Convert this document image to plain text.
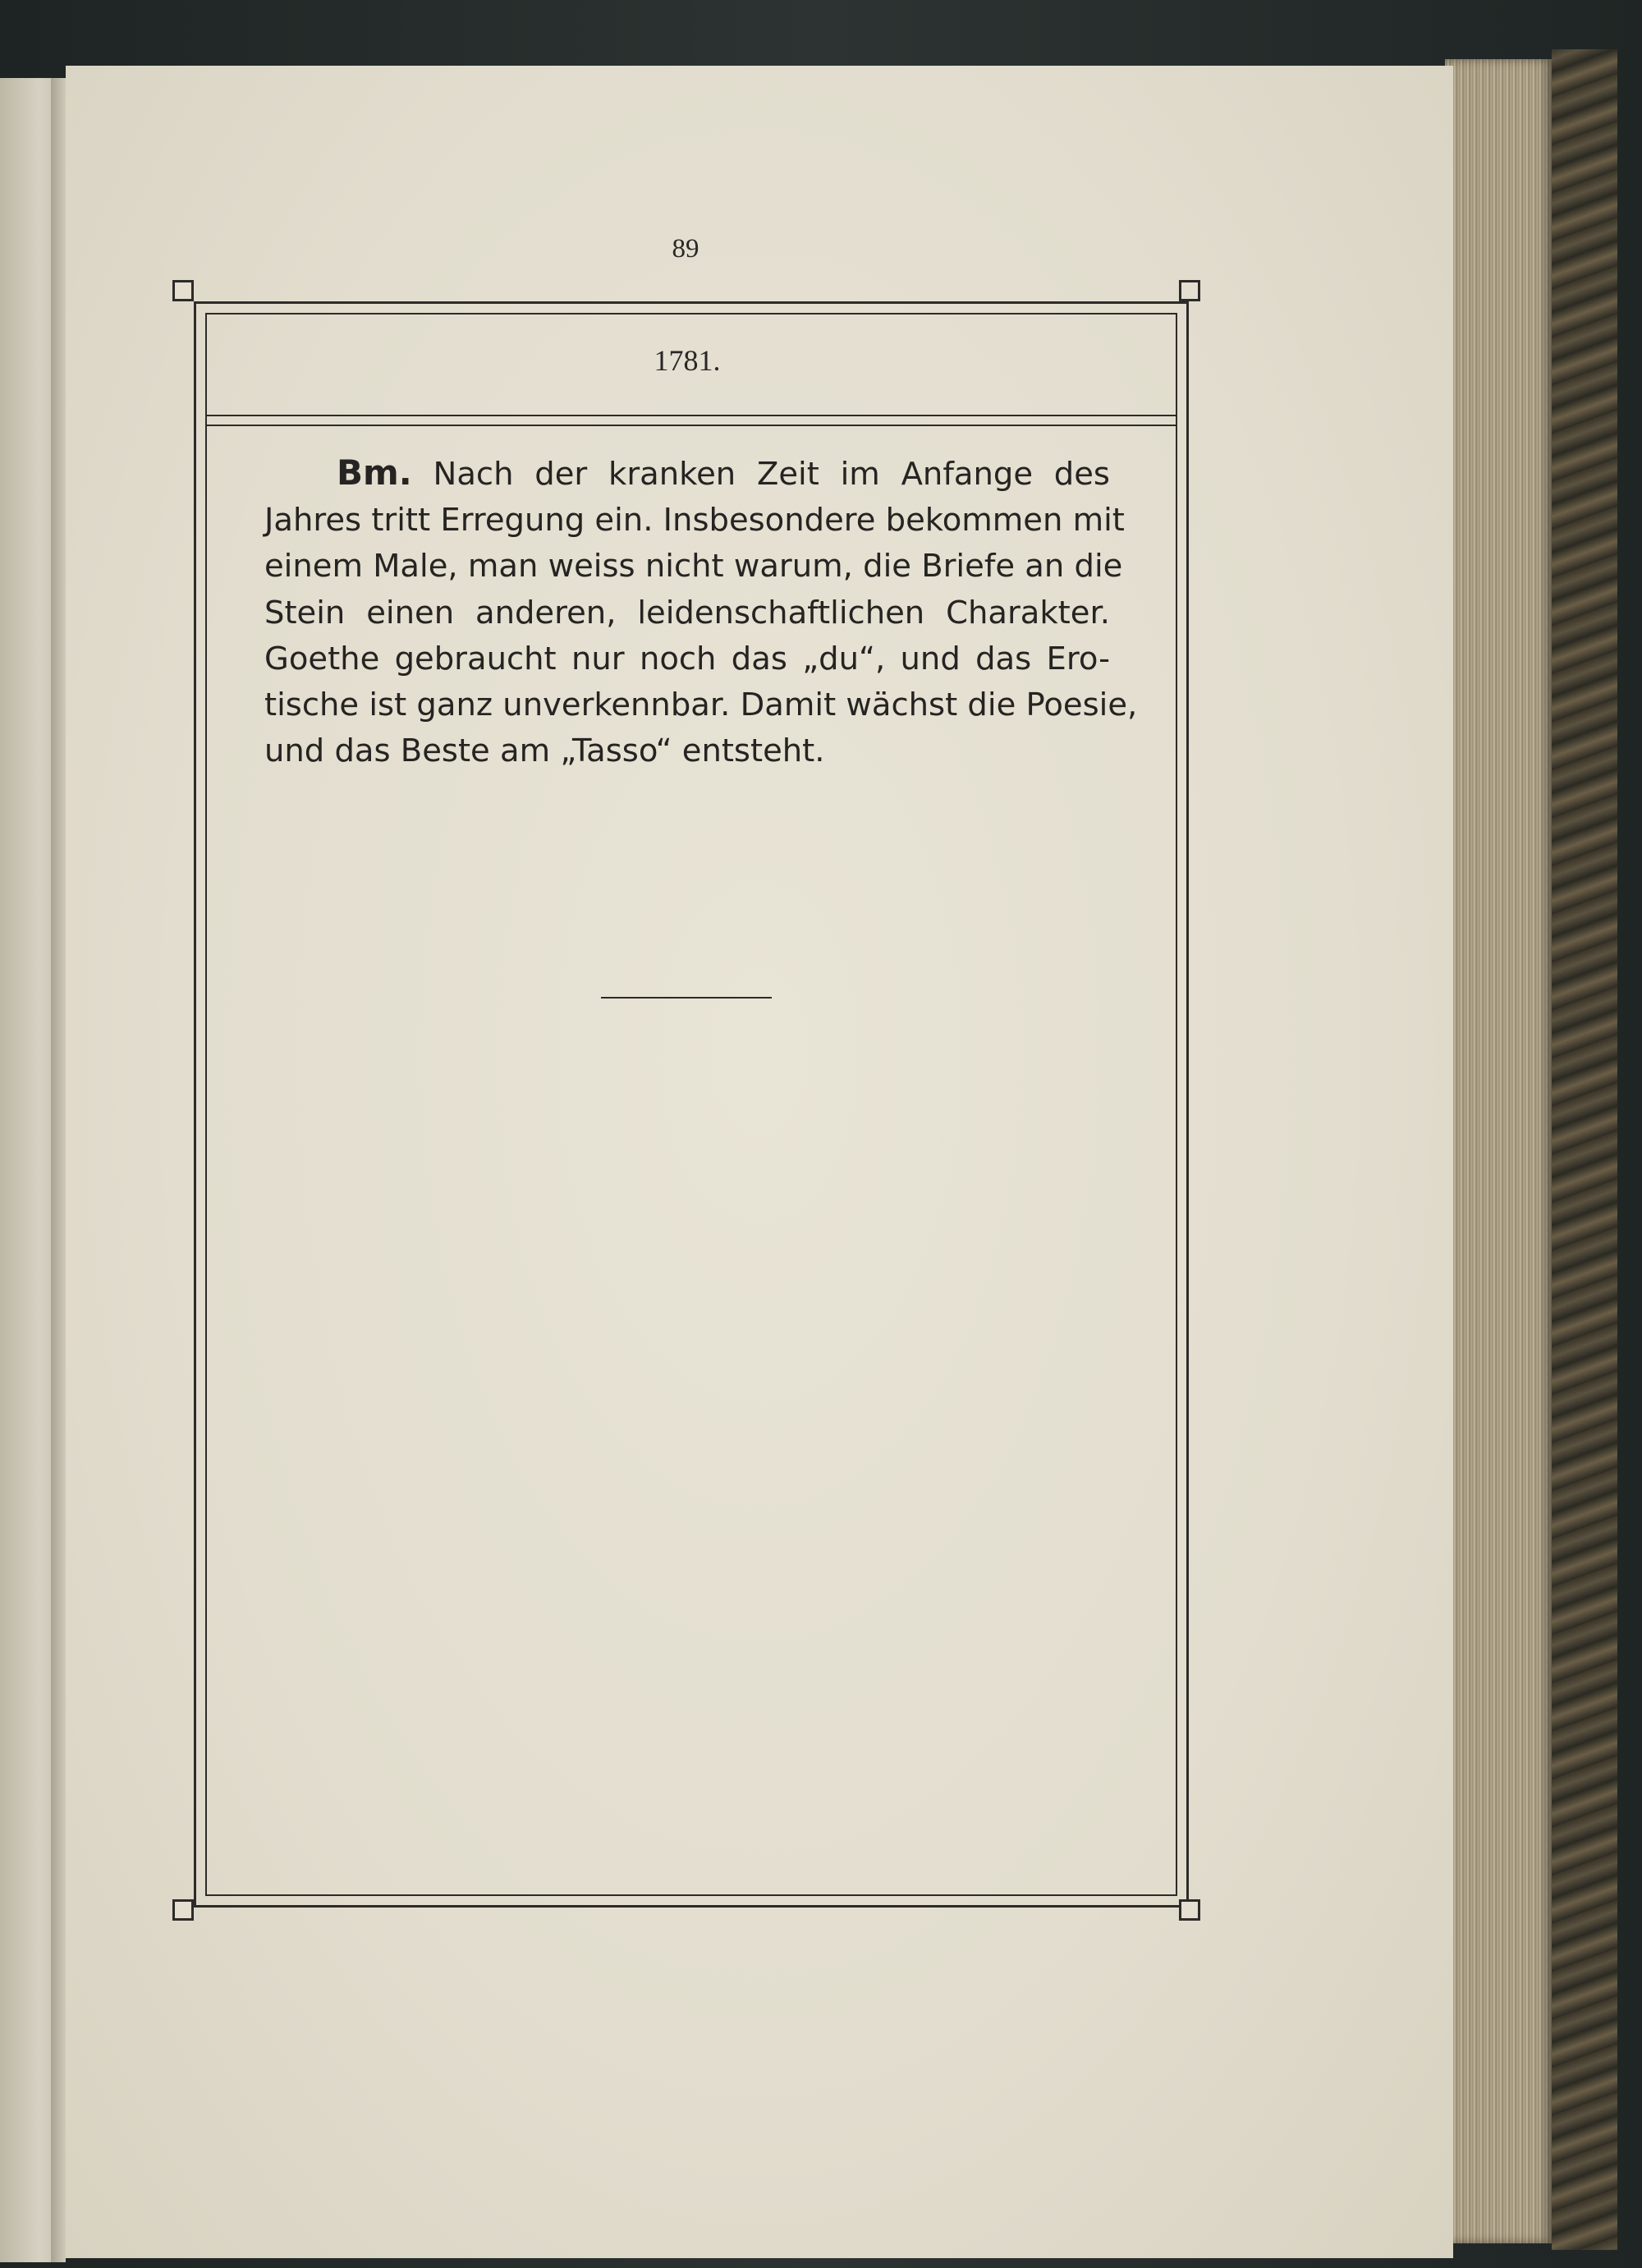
89
1781.
Bm. Nach der kranken Zeit im Anfange des
Jahres tritt Erregung ein. Insbesondere bekommen mit
einem Male, man weiss nicht warum, die Briefe an die
Stein einen anderen, leidenschaftlichen Charakter.
Goethe gebraucht nur noch das „du“, und das Ero-
tische ist ganz unverkennbar. Damit wächst die Poesie,
und das Beste am „Tasso“ entsteht.
